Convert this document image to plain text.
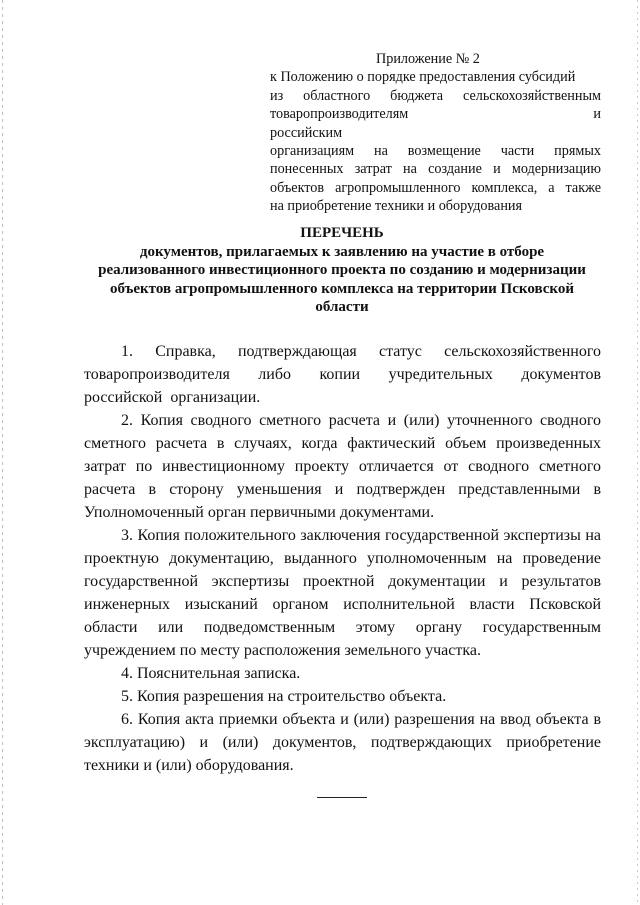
Приложение № 2
к Положению о порядке предоставления субсидий
из областного бюджета сельскохозяйственным
товаропроизводителям и российским
организациям на возмещение части прямых
понесенных затрат на создание и модернизацию
объектов агропромышленного комплекса, а также
на приобретение техники и оборудования
ПЕРЕЧЕНЬ
документов, прилагаемых к заявлению на участие в отборе
реализованного инвестиционного проекта по созданию и модернизации
объектов агропромышленного комплекса на территории Псковской
области

1. Справка, подтверждающая статус сельскохозяйственного товаропроизводителя либо копии учредительных документов российской организации.

2. Копия сводного сметного расчета и (или) уточненного сводного сметного расчета в случаях, когда фактический объем произведенных затрат по инвестиционному проекту отличается от сводного сметного расчета в сторону уменьшения и подтвержден представленными в Уполномоченный орган первичными документами.

3. Копия положительного заключения государственной экспертизы на проектную документацию, выданного уполномоченным на проведение государственной экспертизы проектной документации и результатов инженерных изысканий органом исполнительной власти Псковской области или подведомственным этому органу государственным учреждением по месту расположения земельного участка.

4. Пояснительная записка.

5. Копия разрешения на строительство объекта.

6. Копия акта приемки объекта и (или) разрешения на ввод объекта в эксплуатацию) и (или) документов, подтверждающих приобретение техники и (или) оборудования.
